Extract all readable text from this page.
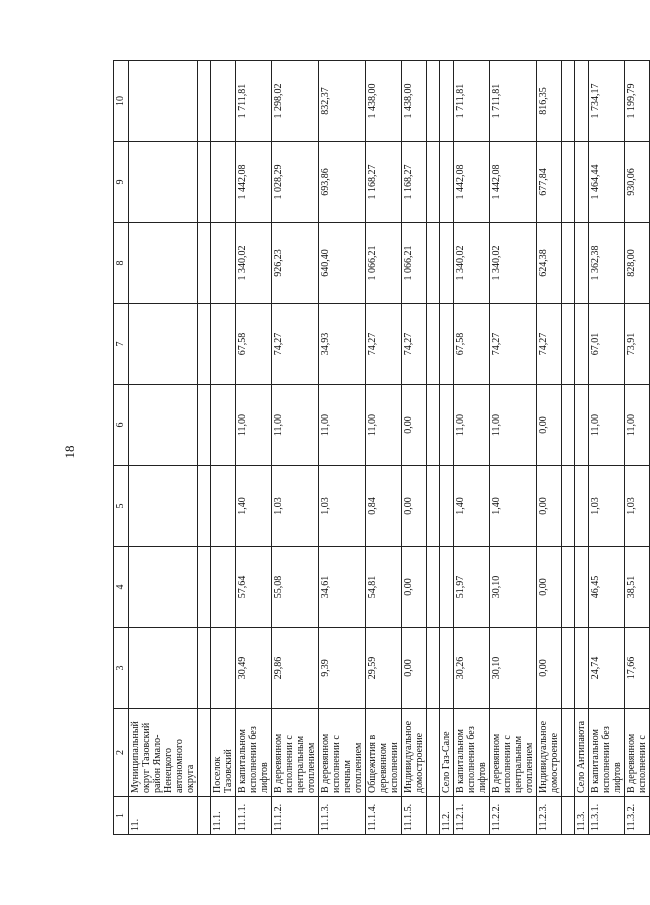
18
1	2	3	4	5	6	7	8	9	10
11.	Муниципальный округ Тазовский район Ямало-Ненецкого автономного округа								

11.1.	Поселок Тазовский								
11.1.1.	В капитальном исполнении без лифтов	30,49	57,64	1,40	11,00	67,58	1 340,02	1 442,08	1 711,81
11.1.2.	В деревянном исполнении с центральным отоплением	29,86	55,08	1,03	11,00	74,27	926,23	1 028,29	1 298,02
11.1.3.	В деревянном исполнении с печным отоплением	9,39	34,61	1,03	11,00	34,93	640,40	693,86	832,37
11.1.4.	Общежития в деревянном исполнении	29,59	54,81	0,84	11,00	74,27	1 066,21	1 168,27	1 438,00
11.1.5.	Индивидуальное домостроение	0,00	0,00	0,00	0,00	74,27	1 066,21	1 168,27	1 438,00

11.2.	Село Газ-Сале								
11.2.1.	В капитальном исполнении без лифтов	30,26	51,97	1,40	11,00	67,58	1 340,02	1 442,08	1 711,81
11.2.2.	В деревянном исполнении с центральным отоплением	30,10	30,10	1,40	11,00	74,27	1 340,02	1 442,08	1 711,81
11.2.3.	Индивидуальное домостроение	0,00	0,00	0,00	0,00	74,27	624,38	677,84	816,35

11.3.	Село Антипаюта								
11.3.1.	В капитальном исполнении без лифтов	24,74	46,45	1,03	11,00	67,01	1 362,38	1 464,44	1 734,17
11.3.2.	В деревянном исполнении с	17,66	38,51	1,03	11,00	73,91	828,00	930,06	1 199,79
